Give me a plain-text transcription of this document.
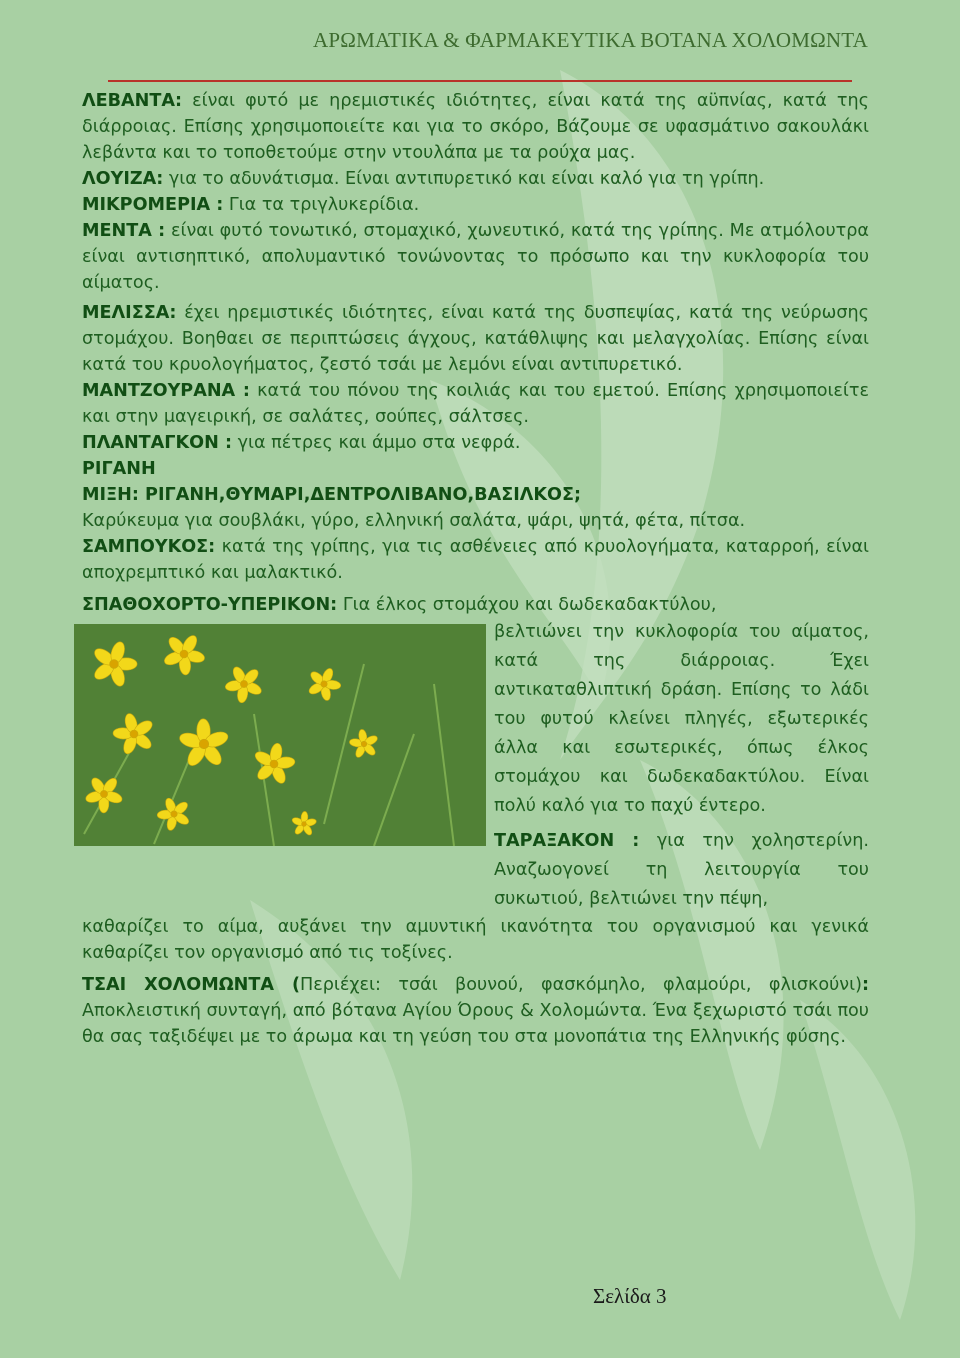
ΑΡΩΜΑΤΙΚΑ & ΦΑΡΜΑΚΕΥΤΙΚΑ ΒΟΤΑΝΑ ΧΟΛΟΜΩΝΤΑ

ΛΕΒΑΝΤΑ: είναι φυτό με ηρεμιστικές ιδιότητες, είναι κατά της αϋπνίας, κατά της διάρροιας. Επίσης χρησιμοποιείτε και για το σκόρο, Βάζουμε σε υφασμάτινο σακουλάκι λεβάντα και το τοποθετούμε στην ντουλάπα με τα ρούχα μας.

ΛΟΥΙΖΑ: για το αδυνάτισμα. Είναι αντιπυρετικό και είναι καλό για τη γρίπη.

ΜΙΚΡΟΜΕΡΙΑ : Για τα τριγλυκερίδια.

ΜΕΝΤΑ : είναι φυτό τονωτικό, στομαχικό, χωνευτικό, κατά της γρίπης. Με ατμόλουτρα είναι αντισηπτικό, απολυμαντικό τονώνοντας το πρόσωπο και την κυκλοφορία του αίματος.

ΜΕΛΙΣΣΑ: έχει ηρεμιστικές ιδιότητες, είναι κατά της δυσπεψίας, κατά της νεύρωσης στομάχου. Βοηθαει σε περιπτώσεις άγχους, κατάθλιψης και μελαγχολίας. Επίσης είναι κατά του κρυολογήματος, ζεστό τσάι με λεμόνι είναι αντιπυρετικό.

ΜΑΝΤΖΟΥΡΑΝΑ : κατά του πόνου της κοιλιάς και του εμετού. Επίσης χρησιμοποιείτε και στην μαγειρική, σε σαλάτες, σούπες, σάλτσες.

ΠΛΑΝΤΑΓΚΟΝ : για πέτρες και άμμο στα νεφρά.

ΡΙΓΑΝΗ

ΜΙΞΗ: ΡΙΓΑΝΗ,ΘΥΜΑΡΙ,ΔΕΝΤΡΟΛΙΒΑΝΟ,ΒΑΣΙΛΚΟΣ;

Καρύκευμα για σουβλάκι, γύρο, ελληνική σαλάτα, ψάρι, ψητά, φέτα, πίτσα.

ΣΑΜΠΟΥΚΟΣ: κατά της γρίπης, για τις ασθένειες από κρυολογήματα, καταρροή, είναι αποχρεμπτικό και μαλακτικό.

ΣΠΑΘΟΧΟΡΤΟ-ΥΠΕΡΙΚΟΝ: Για έλκος στομάχου και δωδεκαδακτύλου,

βελτιώνει την κυκλοφορία του αίματος, κατά της διάρροιας. Έχει αντικαταθλιπτική δράση. Επίσης το λάδι του φυτού κλείνει πληγές, εξωτερικές άλλα και εσωτερικές, όπως έλκος στομάχου και δωδεκαδακτύλου. Είναι πολύ καλό για το παχύ έντερο.
ΤΑΡΑΞΑΚΟΝ : για την χοληστερίνη. Αναζωογονεί τη λειτουργία του συκωτιού, βελτιώνει την πέψη,

καθαρίζει το αίμα, αυξάνει την αμυντική ικανότητα του οργανισμού και γενικά καθαρίζει τον οργανισμό από τις τοξίνες.

ΤΣΑΙ ΧΟΛΟΜΩΝΤΑ (Περιέχει: τσάι βουνού, φασκόμηλο, φλαμούρι, φλισκούνι): Αποκλειστική συνταγή, από βότανα Αγίου Όρους & Χολομώντα. Ένα ξεχωριστό τσάι που θα σας ταξιδέψει με το άρωμα και τη γεύση του στα μονοπάτια της Ελληνικής φύσης.

Σελίδα 3
